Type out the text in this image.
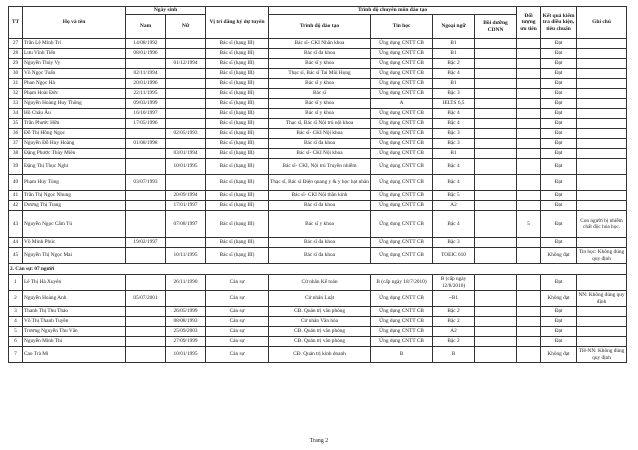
TT	Họ và tên	Ngày sinh		Vị trí đăng ký dự tuyển	Trình độ chuyên môn đào tạo				Đối tượng ưu tiên	Kết quả kiểm tra điều kiện, tiêu chuẩn	Ghi chú
		Nam	Nữ		Trình độ đào tạo	Tin học	Ngoại ngữ	Bồi dưỡng CDNN			
27	Trần Lê Minh Trí	14/08/1992		Bác sĩ (hạng III)	Bác sĩ- CKI Nhãn khoa	Ứng dụng CNTT CB	B1			Đạt	
28	Lưu Vĩnh Tiến	08/01/1996		Bác sĩ (hạng III)	Bác sĩ đa khoa	Ứng dụng CNTT CB	B1			Đạt	
29	Nguyễn Thúy Vy		01/12/1994	Bác sĩ (hạng III)	Bác sĩ y khoa	Ứng dụng CNTT CB	Bậc 2			Đạt	
30	Võ Ngọc Tuấn	02/11/1994		Bác sĩ (hạng III)	Thạc sĩ, Bác sĩ Tai Mũi Họng	Ứng dụng CNTT CB	Bậc 4			Đạt	
31	Phan Ngọc Hà	20/01/1996		Bác sĩ (hạng III)	Bác sĩ y khoa	Ứng dụng CNTT CB	B1			Đạt	
32	Phạm Hoài Đức	22/11/1995		Bác sĩ (hạng III)	Bác sĩ	Ứng dụng CNTT CB	Bậc 3			Đạt	
33	Nguyễn Hoàng Huy Thông	09/03/1999		Bác sĩ (hạng III)	Bác sĩ y khoa	A	IELTS 6,5			Đạt	
34	Hồ Châu Âu	16/10/1997		Bác sĩ (hạng III)	Bác sĩ y khoa	Ứng dụng CNTT CB	Bậc 4			Đạt	
35	Trần Phước Hữu	17/05/1996		Bác sĩ (hạng III)	Thạc sĩ, Bác sĩ Nội trú nội khoa	Ứng dụng CNTT CB	Bậc 4			Đạt	
36	Đỗ Thị Hồng Ngọc		02/05/1993	Bác sĩ (hạng III)	Bác sĩ- CKI Nội khoa	Ứng dụng CNTT CB	Bậc 3			Đạt	
37	Nguyễn Đỗ Huy Hoàng	01/08/1998		Bác sĩ (hạng III)	Bác sĩ đa khoa	Ứng dụng CNTT CB	Bậc 3			Đạt	
38	Đặng Phước Thùy Miên		03/01/1994	Bác sĩ (hạng III)	Bác sĩ- CKI Nội khoa	Ứng dụng CNTT CB	B1			Đạt	
39	Đặng Thị Thục Nghi		10/01/1995	Bác sĩ (hạng III)	Bác sĩ- CKI, Nội trú Truyền nhiễm	Ứng dụng CNTT CB	Bậc 4			Đạt	
40	Phạm Huy Tùng	03/07/1993		Bác sĩ (hạng III)	Thạc sĩ, Bác sĩ Điện quang y & y học hạt nhân	Ứng dụng CNTT CB	Bậc 4			Đạt	
41	Trần Thị Ngọc Nhung		20/09/1994	Bác sĩ (hạng III)	Bác sĩ- CKI Nội thần kinh	Ứng dụng CNTT CB	Bậc 5			Đạt	
42	Dương Thị Trang		17/01/1997	Bác sĩ (hạng III)	Bác sĩ đa khoa	Ứng dụng CNTT CB	A2			Đạt	
43	Nguyễn Ngọc Cẩm Tú		07/08/1997	Bác sĩ (hạng III)	Bác sĩ y khoa	Ứng dụng CNTT CB	Bậc 4		5	Đạt	Con người bị nhiễm chất độc hóa học.
44	Võ Minh Phúc	19/02/1997		Bác sĩ (hạng III)	Bác sĩ đa khoa	Ứng dụng CNTT CB	Bậc 3			Đạt	
45	Nguyễn Thị Ngọc Mai		10/11/1995	Bác sĩ (hạng III)	Bác sĩ đa khoa	Ứng dụng CNTT CB	TOEIC 610			Không đạt	Tin học: Không đúng quy định
2. Cán sự: 07 người											
1	Lê Thị Hà Xuyên		26/11/1990	Cán sự	Cử nhân Kế toán	B (cấp ngày 18/7/2010)	B (cấp ngày 12/8/2010)			Đạt	
2	Nguyễn Hoàng Anh	05/07/2001		Cán sự	Cử nhân Luật	Ứng dụng CNTT CB	~B1			Không đạt	NN: Không đúng quy định
3	Thanh Thị Thu Thảo		26/05/1999	Cán sự	CĐ. Quản trị văn phòng	Ứng dụng CNTT CB	Bậc 2			Đạt	
4	Võ Thị Thanh Tuyền		08/08/1993	Cán sự	Cử nhân Văn hóa	Ứng dụng CNTT CB	Bậc 2			Đạt	
5	Trương Nguyễn Thu Vân		25/09/2003	Cán sự	CĐ. Quản trị văn phòng	Ứng dụng CNTT CB	A2			Đạt	
6	Nguyễn Minh Thi		27/09/1999	Cán sự	CĐ. Quản trị văn phòng	Ứng dụng CNTT CB	Bậc 2			Đạt	
7	Cao Trà Mi		10/01/1995	Cán sự	CĐ. Quản trị kinh doanh	B	B			Không đạt	TH-NN: Không đúng quy định
Trang 2
